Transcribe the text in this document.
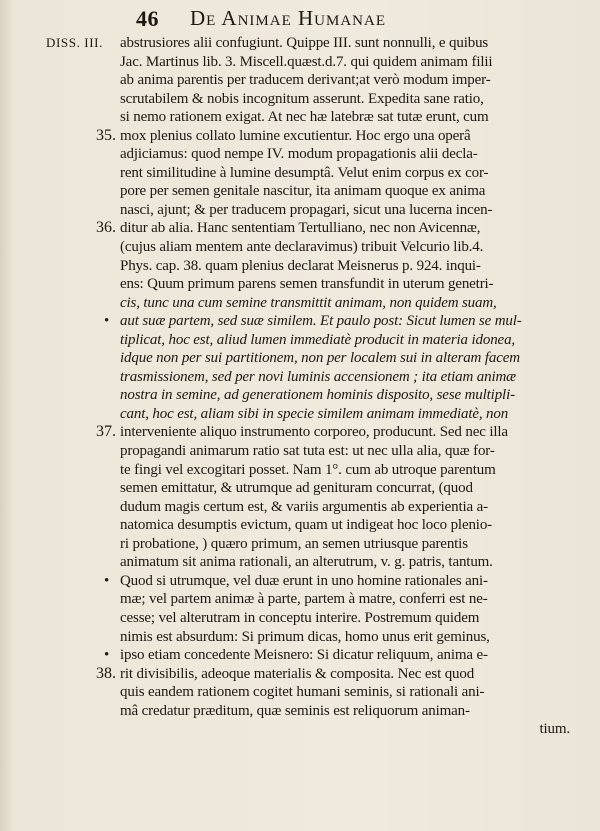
46 De Animae Humanae
DISS. III. abstrusiores alii confugiunt. Quippe III. sunt nonnulli, e quibus
Jac. Martinus lib. 3. Miscell.quæst.d.7. qui quidem animam filii
ab anima parentis per traducem derivant;at verò modum imper-
scrutabilem & nobis incognitum asserunt. Expedita sane ratio,
si nemo rationem exigat. At nec hæ latebræ sat tutæ erunt, cum
35. mox plenius collato lumine excutientur. Hoc ergo una operâ
adjiciamus: quod nempe IV. modum propagationis alii decla-
rent similitudine à lumine desumptâ. Velut enim corpus ex cor-
pore per semen genitale nascitur, ita animam quoque ex anima
nasci, ajunt; & per traducem propagari, sicut una lucerna incen-
36. ditur ab alia. Hanc sententiam Tertulliano, nec non Avicennæ,
(cujus aliam mentem ante declaravimus) tribuit Velcurio lib.4.
Phys. cap. 38. quam plenius declarat Meisnerus p. 924. inqui-
ens: Quum primum parens semen transfundit in uterum genetri-
cis, tunc una cum semine transmittit animam, non quidem suam,
• aut suæ partem, sed suæ similem. Et paulo post: Sicut lumen se mul-
tiplicat, hoc est, aliud lumen immediatè producit in materia idonea,
idque non per sui partitionem, non per localem sui in alteram facem
trasmissionem, sed per novi luminis accensionem ; ita etiam animæ
nostra in semine, ad generationem hominis disposito, sese multipli-
cant, hoc est, aliam sibi in specie similem animam immediatè, non
37. interveniente aliquo instrumento corporeo, producunt. Sed nec illa
propagandi animarum ratio sat tuta est: ut nec ulla alia, quæ for-
te fingi vel excogitari posset. Nam 1°. cum ab utroque parentum
semen emittatur, & utrumque ad genituram concurrat, (quod
dudum magis certum est, & variis argumentis ab experientia a-
natomica desumptis evictum, quam ut indigeat hoc loco plenio-
ri probatione, ) quæro primum, an semen utriusque parentis
animatum sit anima rationali, an alterutrum, v. g. patris, tantum.
• Quod si utrumque, vel duæ erunt in uno homine rationales ani-
mæ; vel partem animæ à parte, partem à matre, conferri est ne-
cesse; vel alterutram in conceptu interire. Postremum quidem
nimis est absurdum: Si primum dicas, homo unus erit geminus,
• ipso etiam concedente Meisnero: Si dicatur reliquum, anima e-
38. rit divisibilis, adeoque materialis & composita. Nec est quod
quis eandem rationem cogitet humani seminis, si rationali ani-
mâ credatur præditum, quæ seminis est reliquorum animan-
tium.
